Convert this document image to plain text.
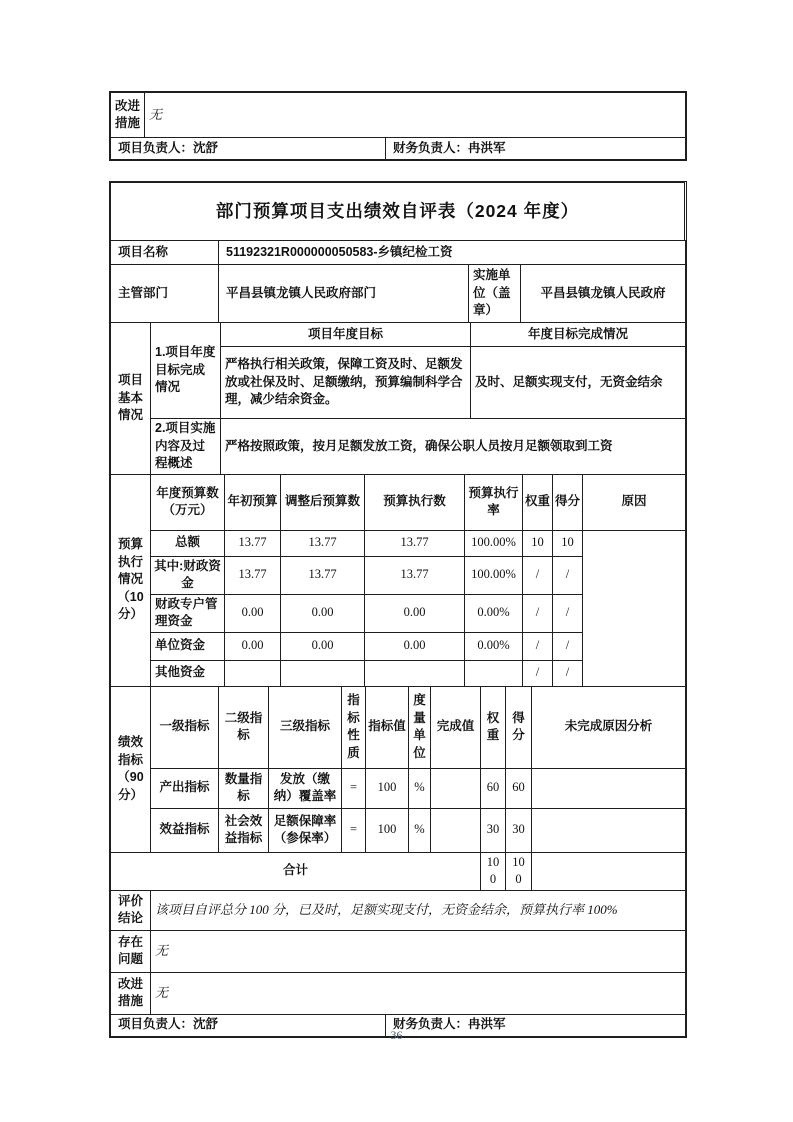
改进措施	无	
项目负责人：沈舒		财务负责人：冉洪军
部门预算项目支出绩效自评表（2024 年度）
项目名称	51192321R000000050583-乡镇纪检工资
主管部门	平昌县镇龙镇人民政府部门	实施单位（盖章）	平昌县镇龙镇人民政府
项目基本情况	1.项目年度目标完成情况	项目年度目标	年度目标完成情况
		严格执行相关政策，保障工资及时、足额发放或社保及时、足额缴纳，预算编制科学合理，减少结余资金。	及时、足额实现支付，无资金结余
	2.项目实施内容及过程概述	严格按照政策，按月足额发放工资，确保公职人员按月足额领取到工资	
预算执行情况（10分）	年度预算数（万元）	年初预算	调整后预算数	预算执行数	预算执行率	权重	得分	原因
	总额	13.77	13.77	13.77	100.00%	10	10	
	其中:财政资金	13.77	13.77	13.77	100.00%	/	/	
	财政专户管理资金	0.00	0.00	0.00	0.00%	/	/	
	单位资金	0.00	0.00	0.00	0.00%	/	/	
	其他资金					/	/	
绩效指标（90分）	一级指标	二级指标	三级指标	指标性质	指标值	度量单位	完成值	权重	得分	未完成原因分析
	产出指标	数量指标	发放（缴纳）覆盖率	=	100	%		60	60	
	效益指标	社会效益指标	足额保障率（参保率）	=	100	%		30	30	
合计								100	100	
评价结论	该项目自评总分 100 分，已及时，足额实现支付，无资金结余，预算执行率 100%
存在问题	无
改进措施	无
项目负责人：沈舒	财务负责人：冉洪军
36
